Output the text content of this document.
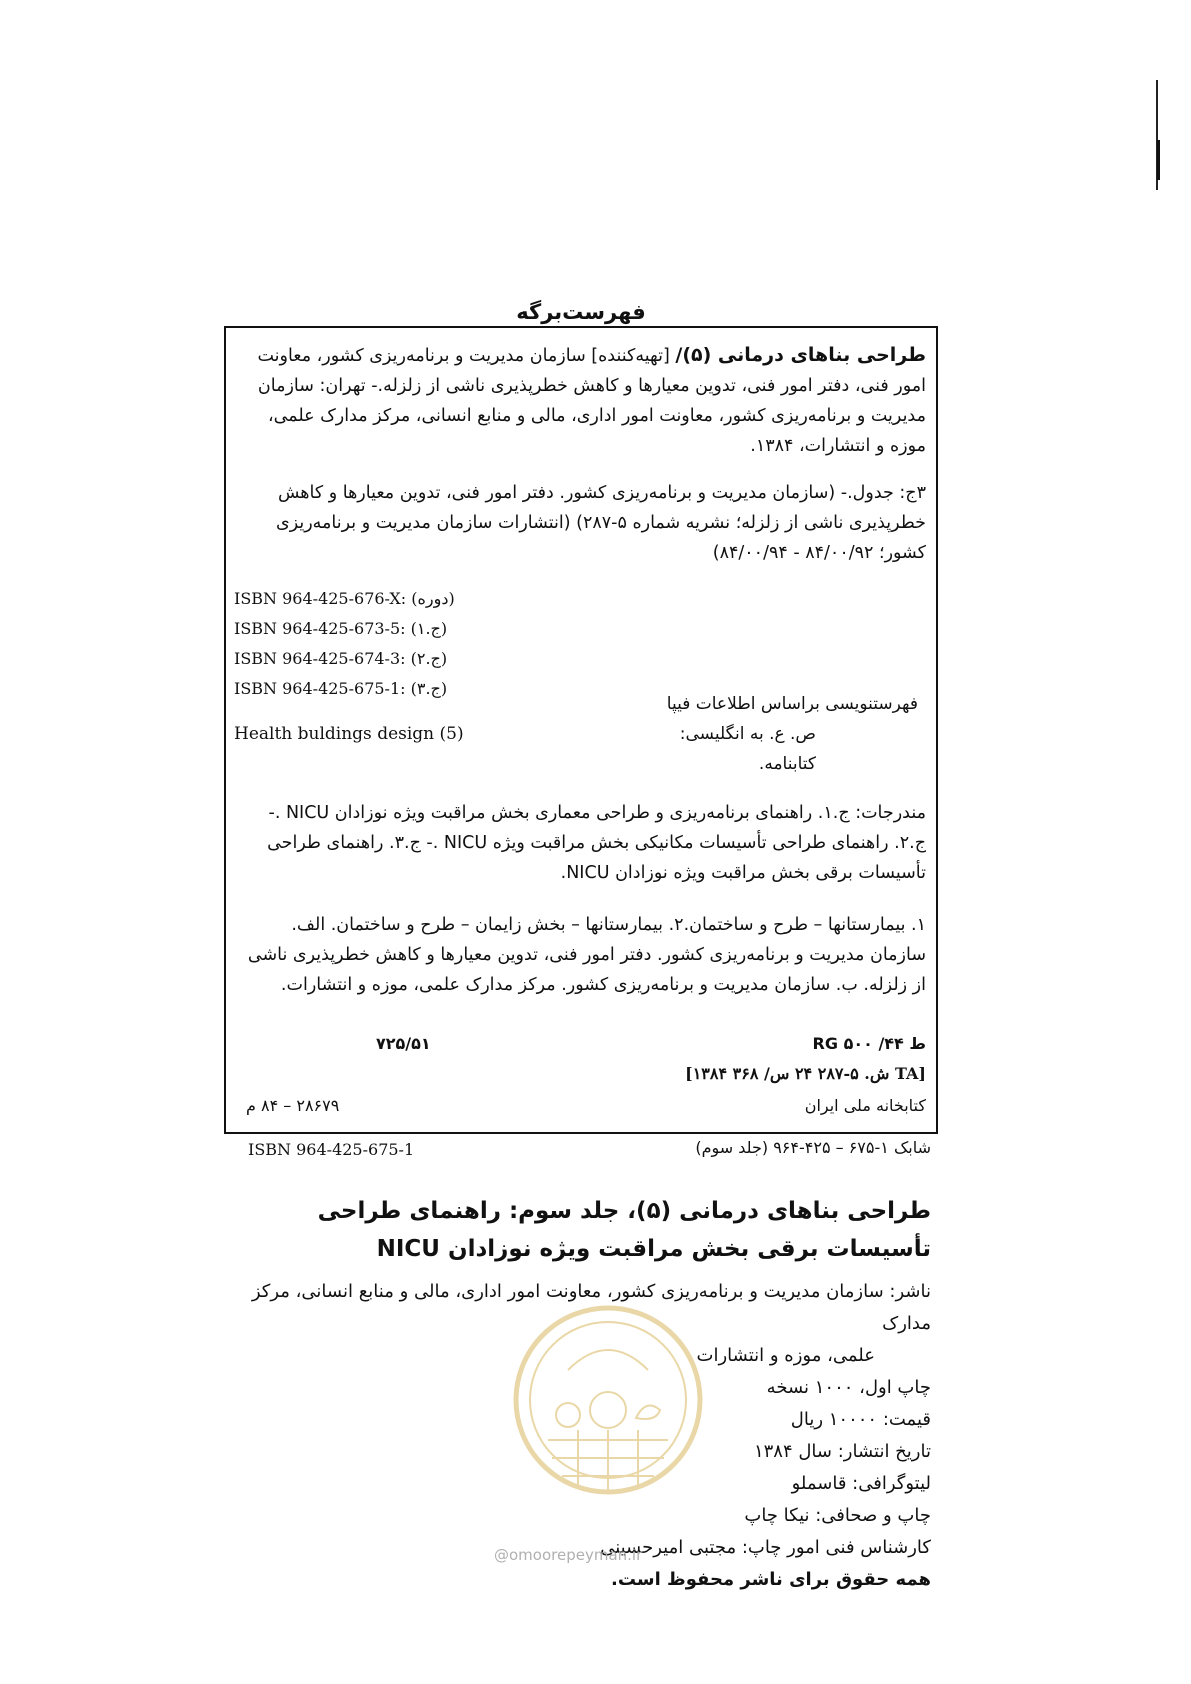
فهرست‌برگه
طراحی بناهای درمانی (۵)/ [تهیه‌کننده] سازمان مدیریت و برنامه‌ریزی کشور، معاونت امور فنی، دفتر امور فنی، تدوین معیارها و کاهش خطرپذیری ناشی از زلزله.- تهران: سازمان مدیریت و برنامه‌ریزی کشور، معاونت امور اداری، مالی و منابع انسانی، مرکز مدارک علمی، موزه و انتشارات، ۱۳۸۴.
۳ج: جدول.- (سازمان مدیریت و برنامه‌ریزی کشور. دفتر امور فنی، تدوین معیارها و کاهش خطرپذیری ناشی از زلزله؛ نشریه شماره ۵-۲۸۷) (انتشارات سازمان مدیریت و برنامه‌ریزی کشور؛ ۸۴/۰۰/۹۲ - ۸۴/۰۰/۹۴)
ISBN 964-425-676-X: (دوره)
ISBN 964-425-673-5: (ج.۱)
ISBN 964-425-674-3: (ج.۲)
ISBN 964-425-675-1: (ج.۳)
فهرستنویسی براساس اطلاعات فیپا
ص. ع. به انگلیسی:
Health buldings design (5)
کتابنامه.
مندرجات: ج.۱. راهنمای برنامه‌ریزی و طراحی معماری بخش مراقبت ویژه نوزادان NICU .- ج.۲. راهنمای طراحی تأسیسات مکانیکی بخش مراقبت ویژه NICU .- ج.۳. راهنمای طراحی تأسیسات برقی بخش مراقبت ویژه نوزادان NICU.
۱. بیمارستانها – طرح و ساختمان.۲. بیمارستانها – بخش زایمان – طرح و ساختمان. الف. سازمان مدیریت و برنامه‌ریزی کشور. دفتر امور فنی، تدوین معیارها و کاهش خطرپذیری ناشی از زلزله. ب. سازمان مدیریت و برنامه‌ریزی کشور. مرکز مدارک علمی، موزه و انتشارات.
۷۲۵/۵۱	RG ۵۰۰ /ط ۴۴
[۱۳۸۴ ش. ۵-۲۸۷ ۲۴ س/ ۳۶۸ TA]
کتابخانه ملی ایران
۲۸۶۷۹ – ۸۴ م
ISBN 964-425-675-1	شابک ۱-۶۷۵ – ۴۲۵-۹۶۴ (جلد سوم)
طراحی بناهای درمانی (۵)، جلد سوم: راهنمای طراحی تأسیسات برقی بخش مراقبت ویژه نوزادان NICU
ناشر: سازمان مدیریت و برنامه‌ریزی کشور، معاونت امور اداری، مالی و منابع انسانی، مرکز مدارک
علمی، موزه و انتشارات
چاپ اول، ۱۰۰۰ نسخه
قیمت: ۱۰۰۰۰ ریال
تاریخ انتشار: سال ۱۳۸۴
لیتوگرافی: قاسملو
چاپ و صحافی: نیکا چاپ
کارشناس فنی امور چاپ: مجتبی امیرحسینی
همه حقوق برای ناشر محفوظ است.
@omoorepeyman.ir
